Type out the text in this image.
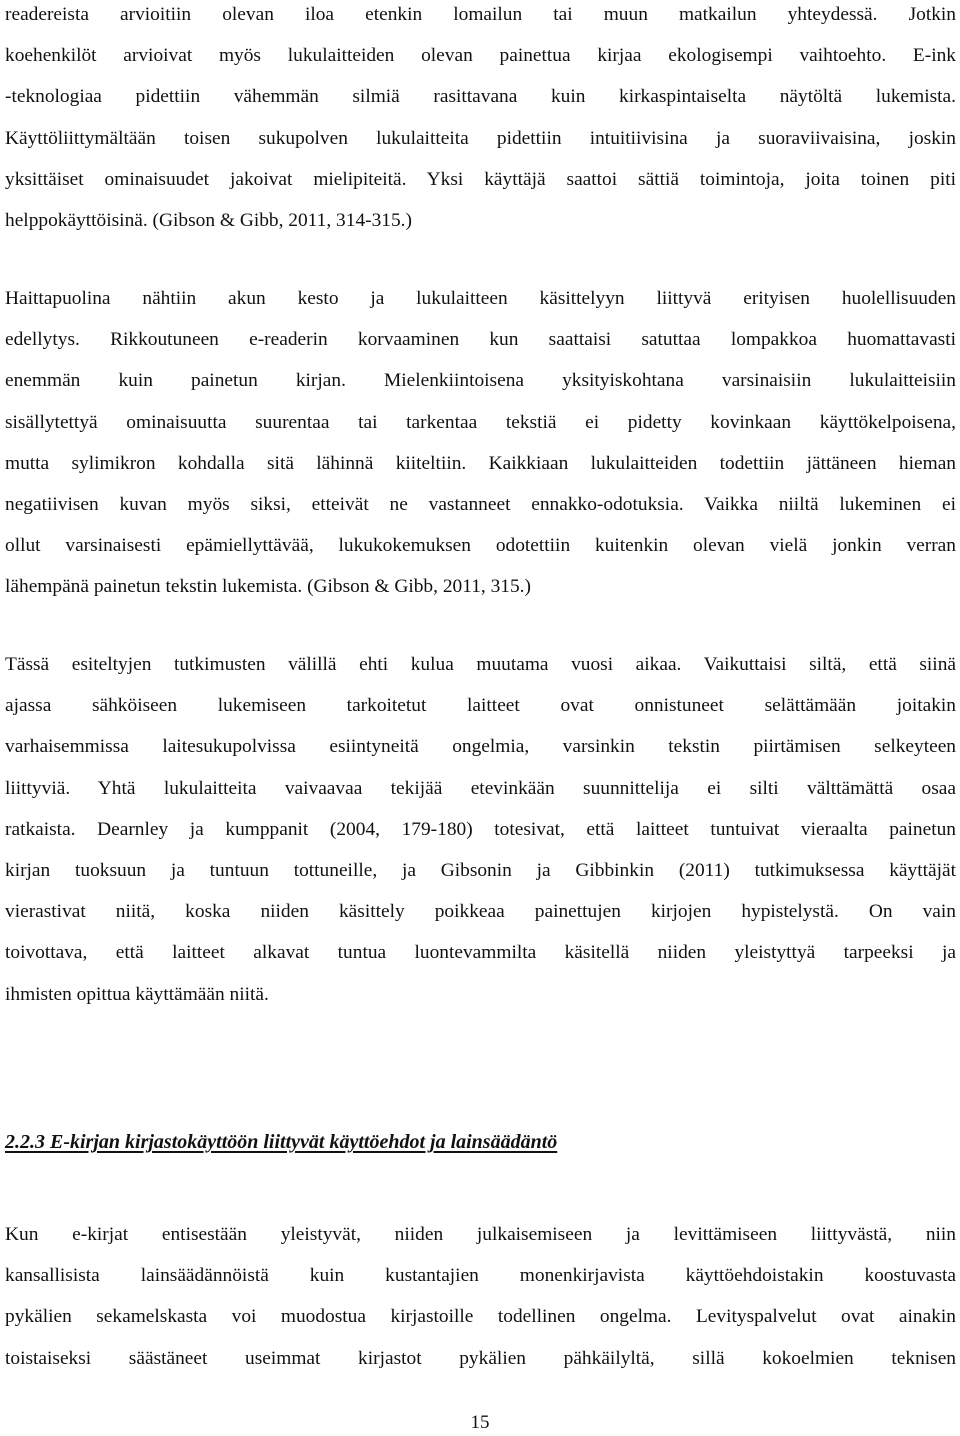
readereista arvioitiin olevan iloa etenkin lomailun tai muun matkailun yhteydessä. Jotkin
koehenkilöt arvioivat myös lukulaitteiden olevan painettua kirjaa ekologisempi vaihtoehto. E-ink
-teknologiaa pidettiin vähemmän silmiä rasittavana kuin kirkaspintaiselta näytöltä lukemista.
Käyttöliittymältään toisen sukupolven lukulaitteita pidettiin intuitiivisina ja suoraviivaisina, joskin
yksittäiset ominaisuudet jakoivat mielipiteitä. Yksi käyttäjä saattoi sättiä toimintoja, joita toinen piti
helppokäyttöisinä. (Gibson & Gibb, 2011, 314-315.)

Haittapuolina nähtiin akun kesto ja lukulaitteen käsittelyyn liittyvä erityisen huolellisuuden
edellytys. Rikkoutuneen e-readerin korvaaminen kun saattaisi satuttaa lompakkoa huomattavasti
enemmän kuin painetun kirjan. Mielenkiintoisena yksityiskohtana varsinaisiin lukulaitteisiin
sisällytettyä ominaisuutta suurentaa tai tarkentaa tekstiä ei pidetty kovinkaan käyttökelpoisena,
mutta sylimikron kohdalla sitä lähinnä kiiteltiin. Kaikkiaan lukulaitteiden todettiin jättäneen hieman
negatiivisen kuvan myös siksi, etteivät ne vastanneet ennakko-odotuksia. Vaikka niiltä lukeminen ei
ollut varsinaisesti epämiellyttävää, lukukokemuksen odotettiin kuitenkin olevan vielä jonkin verran
lähempänä painetun tekstin lukemista. (Gibson & Gibb, 2011, 315.)

Tässä esiteltyjen tutkimusten välillä ehti kulua muutama vuosi aikaa. Vaikuttaisi siltä, että siinä
ajassa sähköiseen lukemiseen tarkoitetut laitteet ovat onnistuneet selättämään joitakin
varhaisemmissa laitesukupolvissa esiintyneitä ongelmia, varsinkin tekstin piirtämisen selkeyteen
liittyviä. Yhtä lukulaitteita vaivaavaa tekijää etevinkään suunnittelija ei silti välttämättä osaa
ratkaista. Dearnley ja kumppanit (2004, 179-180) totesivat, että laitteet tuntuivat vieraalta painetun
kirjan tuoksuun ja tuntuun tottuneille, ja Gibsonin ja Gibbinkin (2011) tutkimuksessa käyttäjät
vierastivat niitä, koska niiden käsittely poikkeaa painettujen kirjojen hypistelystä. On vain
toivottava, että laitteet alkavat tuntua luontevammilta käsitellä niiden yleistyttyä tarpeeksi ja
ihmisten opittua käyttämään niitä.

2.2.3 E-kirjan kirjastokäyttöön liittyvät käyttöehdot ja lainsäädäntö

Kun e-kirjat entisestään yleistyvät, niiden julkaisemiseen ja levittämiseen liittyvästä, niin
kansallisista lainsäädännöistä kuin kustantajien monenkirjavista käyttöehdoistakin koostuvasta
pykälien sekamelskasta voi muodostua kirjastoille todellinen ongelma. Levityspalvelut ovat ainakin
toistaiseksi säästäneet useimmat kirjastot pykälien pähkäilyltä, sillä kokoelmien teknisen

15
